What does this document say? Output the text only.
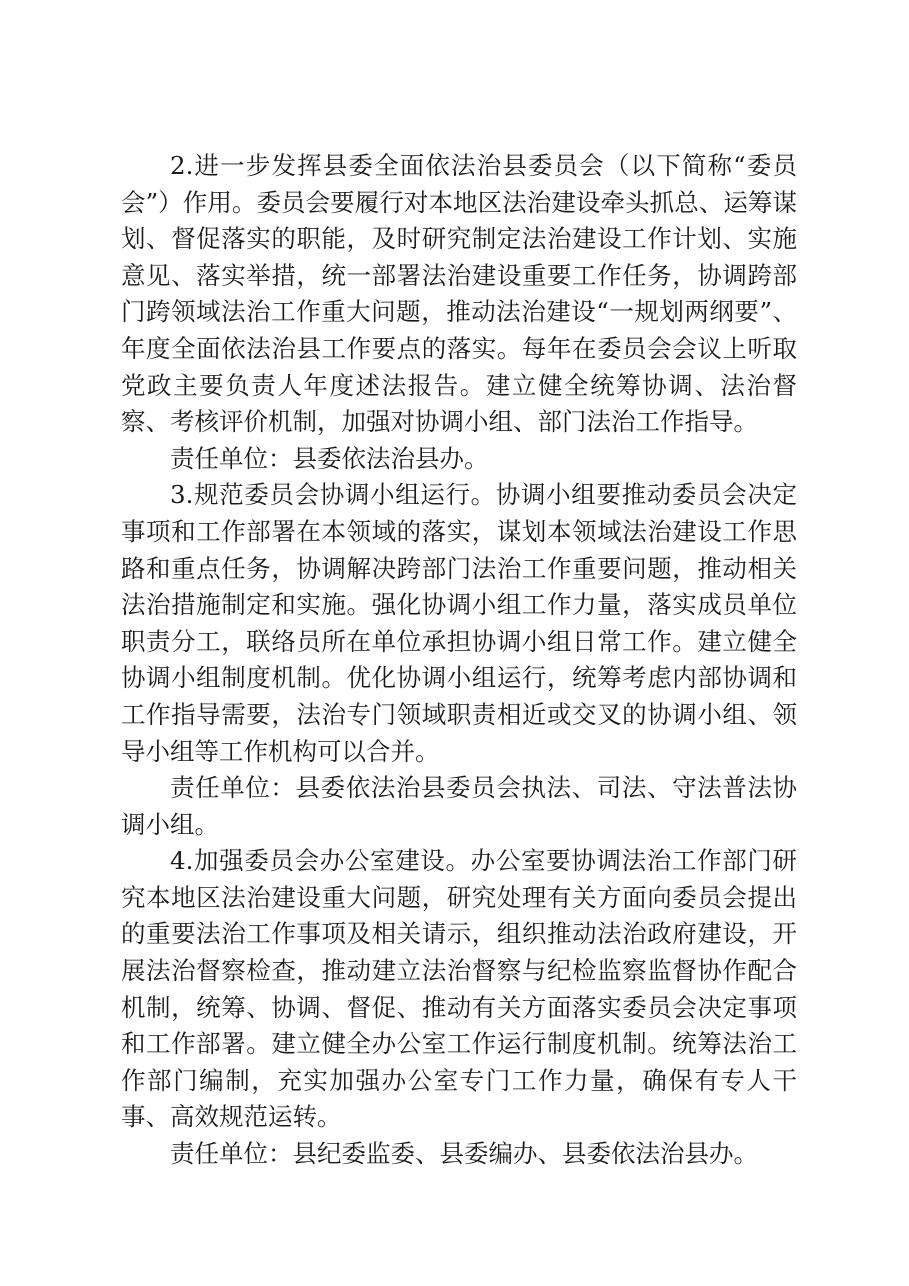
2.进一步发挥县委全面依法治县委员会（以下简称“委员会”）作用。委员会要履行对本地区法治建设牵头抓总、运筹谋划、督促落实的职能，及时研究制定法治建设工作计划、实施意见、落实举措，统一部署法治建设重要工作任务，协调跨部门跨领域法治工作重大问题，推动法治建设“一规划两纲要”、年度全面依法治县工作要点的落实。每年在委员会会议上听取党政主要负责人年度述法报告。建立健全统筹协调、法治督察、考核评价机制，加强对协调小组、部门法治工作指导。

责任单位：县委依法治县办。

3.规范委员会协调小组运行。协调小组要推动委员会决定事项和工作部署在本领域的落实，谋划本领域法治建设工作思路和重点任务，协调解决跨部门法治工作重要问题，推动相关法治措施制定和实施。强化协调小组工作力量，落实成员单位职责分工，联络员所在单位承担协调小组日常工作。建立健全协调小组制度机制。优化协调小组运行，统筹考虑内部协调和工作指导需要，法治专门领域职责相近或交叉的协调小组、领导小组等工作机构可以合并。

责任单位：县委依法治县委员会执法、司法、守法普法协调小组。

4.加强委员会办公室建设。办公室要协调法治工作部门研究本地区法治建设重大问题，研究处理有关方面向委员会提出的重要法治工作事项及相关请示，组织推动法治政府建设，开展法治督察检查，推动建立法治督察与纪检监察监督协作配合机制，统筹、协调、督促、推动有关方面落实委员会决定事项和工作部署。建立健全办公室工作运行制度机制。统筹法治工作部门编制，充实加强办公室专门工作力量，确保有专人干事、高效规范运转。

责任单位：县纪委监委、县委编办、县委依法治县办。
